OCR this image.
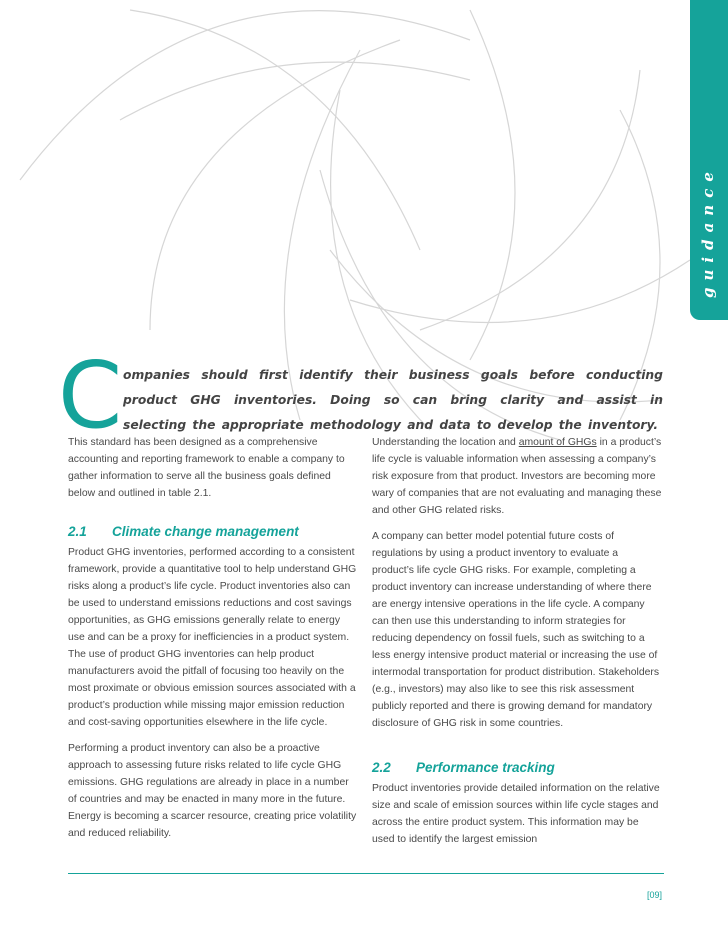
guidance
C ompanies should first identify their business goals before conducting product GHG inventories. Doing so can bring clarity and assist in selecting the appropriate methodology and data to develop the inventory.

This standard has been designed as a comprehensive accounting and reporting framework to enable a company to gather information to serve all the business goals defined below and outlined in table 2.1.

2.1 Climate change management

Product GHG inventories, performed according to a consistent framework, provide a quantitative tool to help understand GHG risks along a product’s life cycle. Product inventories also can be used to understand emissions reductions and cost savings opportunities, as GHG emissions generally relate to energy use and can be a proxy for inefficiencies in a product system. The use of product GHG inventories can help product manufacturers avoid the pitfall of focusing too heavily on the most proximate or obvious emission sources associated with a product’s production while missing major emission reduction and cost-saving opportunities elsewhere in the life cycle.

Performing a product inventory can also be a proactive approach to assessing future risks related to life cycle GHG emissions. GHG regulations are already in place in a number of countries and may be enacted in many more in the future. Energy is becoming a scarcer resource, creating price volatility and reduced reliability.

Understanding the location and amount of GHGs in a product’s life cycle is valuable information when assessing a company’s risk exposure from that product. Investors are becoming more wary of companies that are not evaluating and managing these and other GHG related risks.

A company can better model potential future costs of regulations by using a product inventory to evaluate a product’s life cycle GHG risks. For example, completing a product inventory can increase understanding of where there are energy intensive operations in the life cycle. A company can then use this understanding to inform strategies for reducing dependency on fossil fuels, such as switching to a less energy intensive product material or increasing the use of intermodal transportation for product distribution. Stakeholders (e.g., investors) may also like to see this risk assessment publicly reported and there is growing demand for mandatory disclosure of GHG risk in some countries.

2.2 Performance tracking

Product inventories provide detailed information on the relative size and scale of emission sources within life cycle stages and across the entire product system. This information may be used to identify the largest emission

[09]
